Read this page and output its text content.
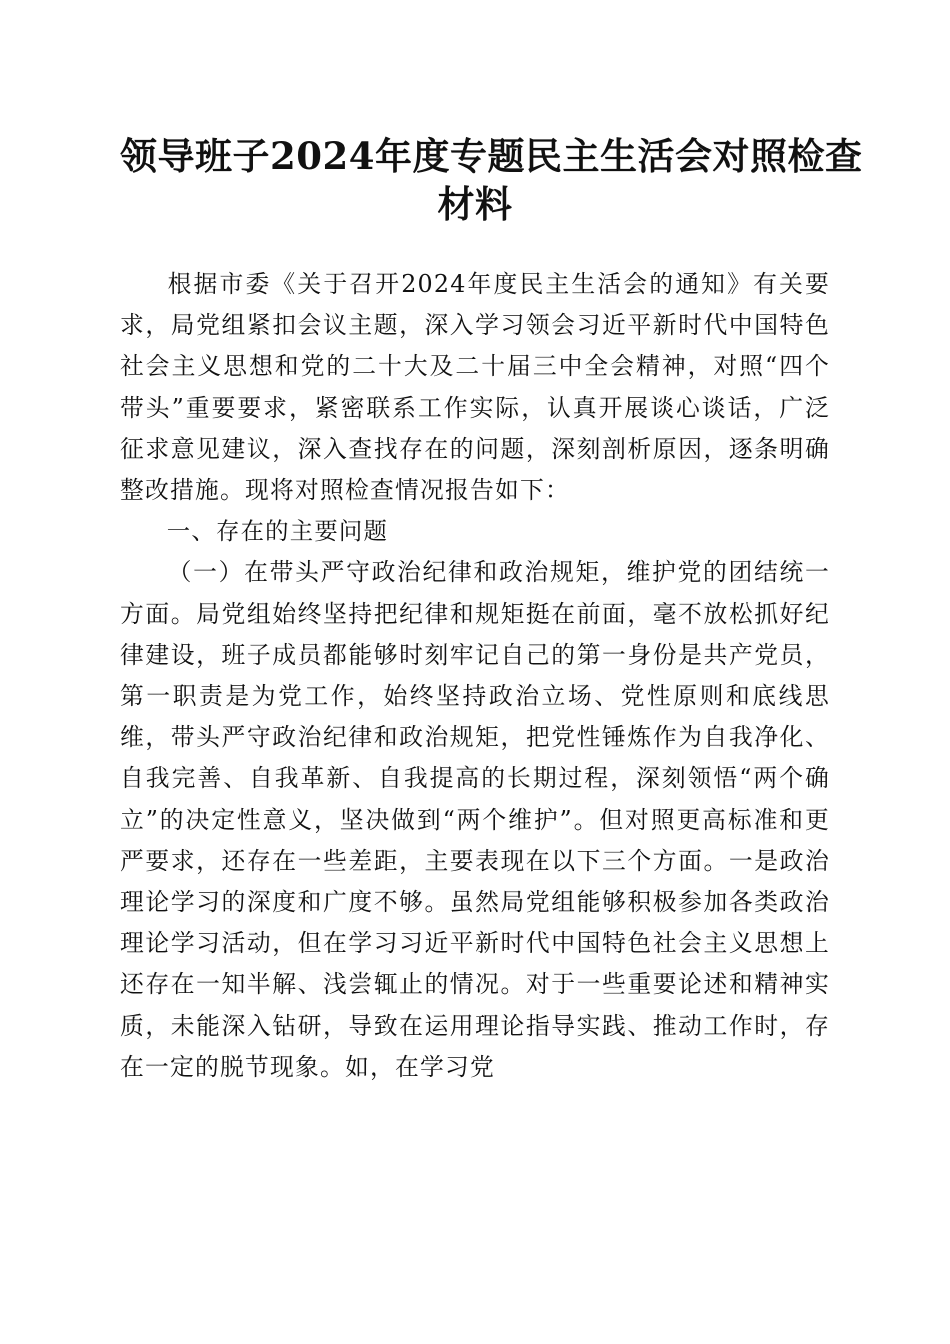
领导班子2024年度专题民主生活会对照检查
材料

根据市委《关于召开2024年度民主生活会的通知》有关要求，局党组紧扣会议主题，深入学习领会习近平新时代中国特色社会主义思想和党的二十大及二十届三中全会精神，对照“四个带头”重要要求，紧密联系工作实际，认真开展谈心谈话，广泛征求意见建议，深入查找存在的问题，深刻剖析原因，逐条明确整改措施。现将对照检查情况报告如下：

一、存在的主要问题

（一）在带头严守政治纪律和政治规矩，维护党的团结统一方面。局党组始终坚持把纪律和规矩挺在前面，毫不放松抓好纪律建设，班子成员都能够时刻牢记自己的第一身份是共产党员，第一职责是为党工作，始终坚持政治立场、党性原则和底线思维，带头严守政治纪律和政治规矩，把党性锤炼作为自我净化、自我完善、自我革新、自我提高的长期过程，深刻领悟“两个确立”的决定性意义，坚决做到“两个维护”。但对照更高标准和更严要求，还存在一些差距，主要表现在以下三个方面。一是政治理论学习的深度和广度不够。虽然局党组能够积极参加各类政治理论学习活动，但在学习习近平新时代中国特色社会主义思想上还存在一知半解、浅尝辄止的情况。对于一些重要论述和精神实质，未能深入钻研，导致在运用理论指导实践、推动工作时，存在一定的脱节现象。如，在学习党
